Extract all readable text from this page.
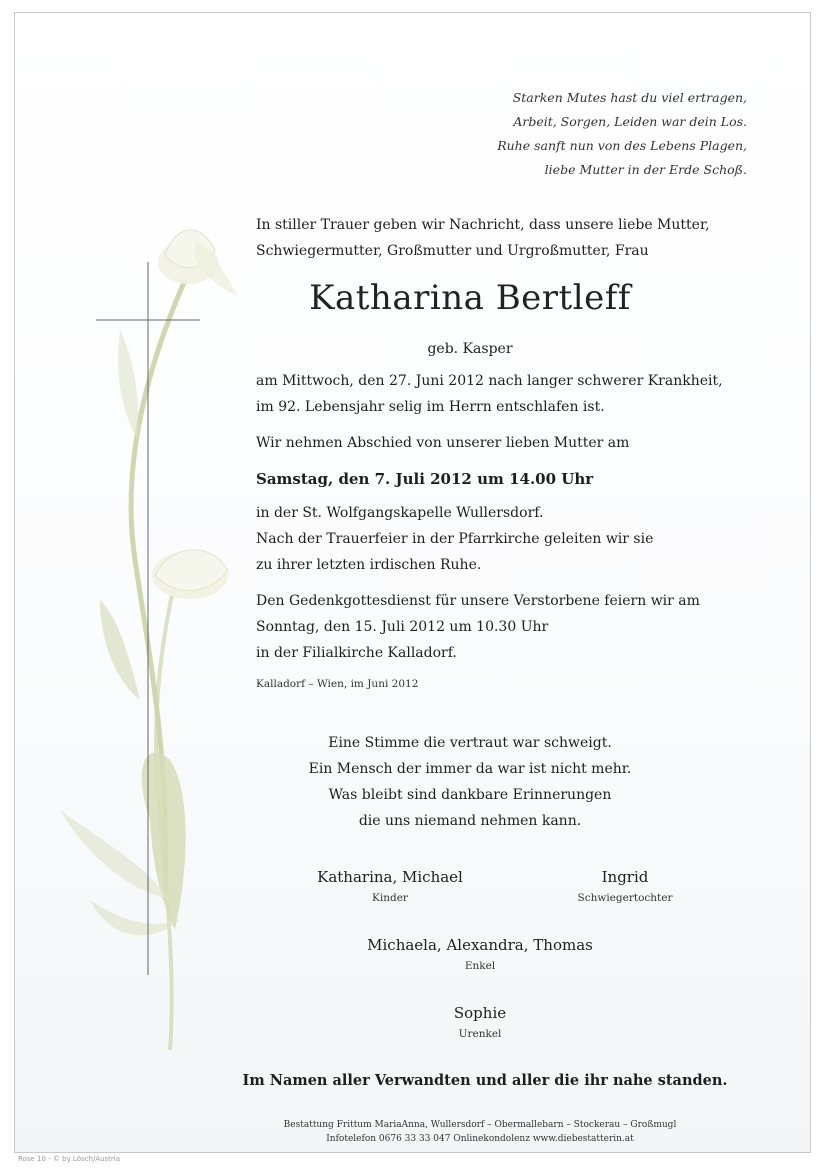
Starken Mutes hast du viel ertragen,
Arbeit, Sorgen, Leiden war dein Los.
Ruhe sanft nun von des Lebens Plagen,
liebe Mutter in der Erde Schoß.
In stiller Trauer geben wir Nachricht, dass unsere liebe Mutter,
Schwiegermutter, Großmutter und Urgroßmutter, Frau
Katharina Bertleff
geb. Kasper
am Mittwoch, den 27. Juni 2012 nach langer schwerer Krankheit,
im 92. Lebensjahr selig im Herrn entschlafen ist.
Wir nehmen Abschied von unserer lieben Mutter am
Samstag, den 7. Juli 2012 um 14.00 Uhr
in der St. Wolfgangskapelle Wullersdorf.
Nach der Trauerfeier in der Pfarrkirche geleiten wir sie
zu ihrer letzten irdischen Ruhe.
Den Gedenkgottesdienst für unsere Verstorbene feiern wir am
Sonntag, den 15. Juli 2012 um 10.30 Uhr
in der Filialkirche Kalladorf.
Kalladorf – Wien, im Juni 2012
Eine Stimme die vertraut war schweigt.
Ein Mensch der immer da war ist nicht mehr.
Was bleibt sind dankbare Erinnerungen
die uns niemand nehmen kann.
Katharina, Michael
Kinder
Ingrid
Schwiegertochter
Michaela, Alexandra, Thomas
Enkel
Sophie
Urenkel
Im Namen aller Verwandten und aller die ihr nahe standen.
Bestattung Frittum MariaAnna, Wullersdorf – Obermallebarn – Stockerau – Großmugl
Infotelefon 0676 33 33 047 Onlinekondolenz www.diebestatterin.at
Rose 10 - © by Lösch/Austria
